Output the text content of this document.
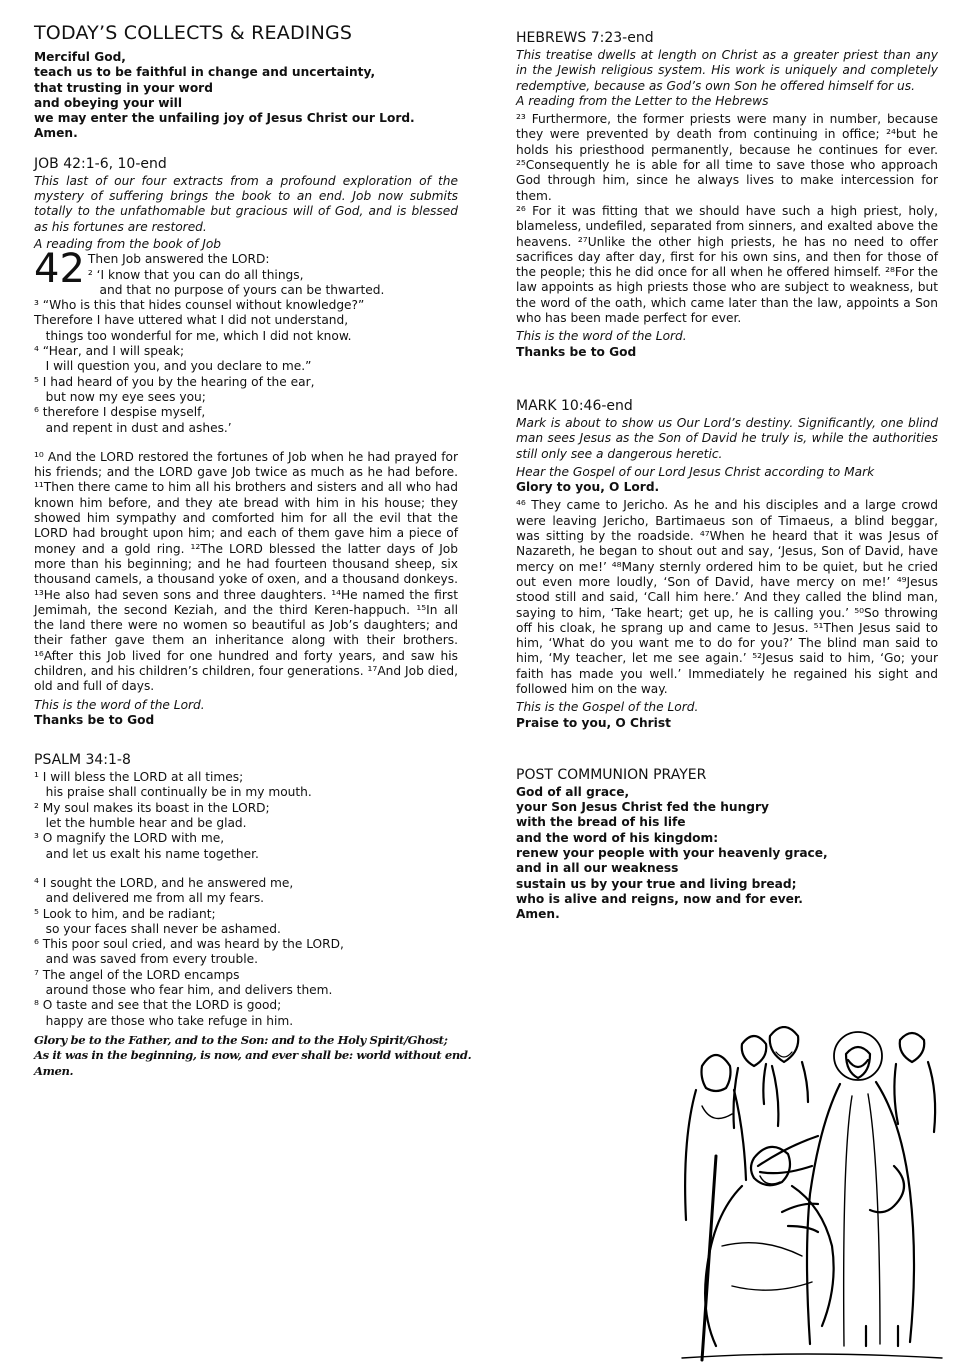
TODAY’S COLLECTS & READINGS
Merciful God,
teach us to be faithful in change and uncertainty,
that trusting in your word
and obeying your will
we may enter the unfailing joy of Jesus Christ our Lord.
Amen.
JOB 42:1-6, 10-end
This last of our four extracts from a profound exploration of the mystery of suffering brings the book to an end. Job now submits totally to the unfathomable but gracious will of God, and is blessed as his fortunes are restored.
A reading from the book of Job
42 Then Job answered the LORD:
² ‘I know that you can do all things,
and that no purpose of yours can be thwarted.
³ “Who is this that hides counsel without knowledge?”
Therefore I have uttered what I did not understand,
things too wonderful for me, which I did not know.
⁴ “Hear, and I will speak;
I will question you, and you declare to me.”
⁵ I had heard of you by the hearing of the ear,
but now my eye sees you;
⁶ therefore I despise myself,
and repent in dust and ashes.’
¹⁰ And the LORD restored the fortunes of Job when he had prayed for his friends; and the LORD gave Job twice as much as he had before. ¹¹Then there came to him all his brothers and sisters and all who had known him before, and they ate bread with him in his house; they showed him sympathy and comforted him for all the evil that the LORD had brought upon him; and each of them gave him a piece of money and a gold ring. ¹²The LORD blessed the latter days of Job more than his beginning; and he had fourteen thousand sheep, six thousand camels, a thousand yoke of oxen, and a thousand donkeys. ¹³He also had seven sons and three daughters. ¹⁴He named the first Jemimah, the second Keziah, and the third Keren-happuch. ¹⁵In all the land there were no women so beautiful as Job’s daughters; and their father gave them an inheritance along with their brothers. ¹⁶After this Job lived for one hundred and forty years, and saw his children, and his children’s children, four generations. ¹⁷And Job died, old and full of days.
This is the word of the Lord.
Thanks be to God
PSALM 34:1-8
¹ I will bless the LORD at all times;
his praise shall continually be in my mouth.
² My soul makes its boast in the LORD;
let the humble hear and be glad.
³ O magnify the LORD with me,
and let us exalt his name together.
⁴ I sought the LORD, and he answered me,
and delivered me from all my fears.
⁵ Look to him, and be radiant;
so your faces shall never be ashamed.
⁶ This poor soul cried, and was heard by the LORD,
and was saved from every trouble.
⁷ The angel of the LORD encamps
around those who fear him, and delivers them.
⁸ O taste and see that the LORD is good;
happy are those who take refuge in him.
Glory be to the Father, and to the Son: and to the Holy Spirit/Ghost;
As it was in the beginning, is now, and ever shall be: world without end.
Amen.
HEBREWS 7:23-end
This treatise dwells at length on Christ as a greater priest than any in the Jewish religious system. His work is uniquely and completely redemptive, because as God’s own Son he offered himself for us.
A reading from the Letter to the Hebrews
²³ Furthermore, the former priests were many in number, because they were prevented by death from continuing in office; ²⁴but he holds his priesthood permanently, because he continues for ever. ²⁵Consequently he is able for all time to save those who approach God through him, since he always lives to make intercession for them.
²⁶ For it was fitting that we should have such a high priest, holy, blameless, undefiled, separated from sinners, and exalted above the heavens. ²⁷Unlike the other high priests, he has no need to offer sacrifices day after day, first for his own sins, and then for those of the people; this he did once for all when he offered himself. ²⁸For the law appoints as high priests those who are subject to weakness, but the word of the oath, which came later than the law, appoints a Son who has been made perfect for ever.
This is the word of the Lord.
Thanks be to God
MARK 10:46-end
Mark is about to show us Our Lord’s destiny. Significantly, one blind man sees Jesus as the Son of David he truly is, while the authorities still only see a dangerous heretic.
Hear the Gospel of our Lord Jesus Christ according to Mark
Glory to you, O Lord.
⁴⁶ They came to Jericho. As he and his disciples and a large crowd were leaving Jericho, Bartimaeus son of Timaeus, a blind beggar, was sitting by the roadside. ⁴⁷When he heard that it was Jesus of Nazareth, he began to shout out and say, ‘Jesus, Son of David, have mercy on me!’ ⁴⁸Many sternly ordered him to be quiet, but he cried out even more loudly, ‘Son of David, have mercy on me!’ ⁴⁹Jesus stood still and said, ‘Call him here.’ And they called the blind man, saying to him, ‘Take heart; get up, he is calling you.’ ⁵⁰So throwing off his cloak, he sprang up and came to Jesus. ⁵¹Then Jesus said to him, ‘What do you want me to do for you?’ The blind man said to him, ‘My teacher, let me see again.’ ⁵²Jesus said to him, ‘Go; your faith has made you well.’ Immediately he regained his sight and followed him on the way.
This is the Gospel of the Lord.
Praise to you, O Christ
POST COMMUNION PRAYER
God of all grace,
your Son Jesus Christ fed the hungry
with the bread of his life
and the word of his kingdom:
renew your people with your heavenly grace,
and in all our weakness
sustain us by your true and living bread;
who is alive and reigns, now and for ever.
Amen.
